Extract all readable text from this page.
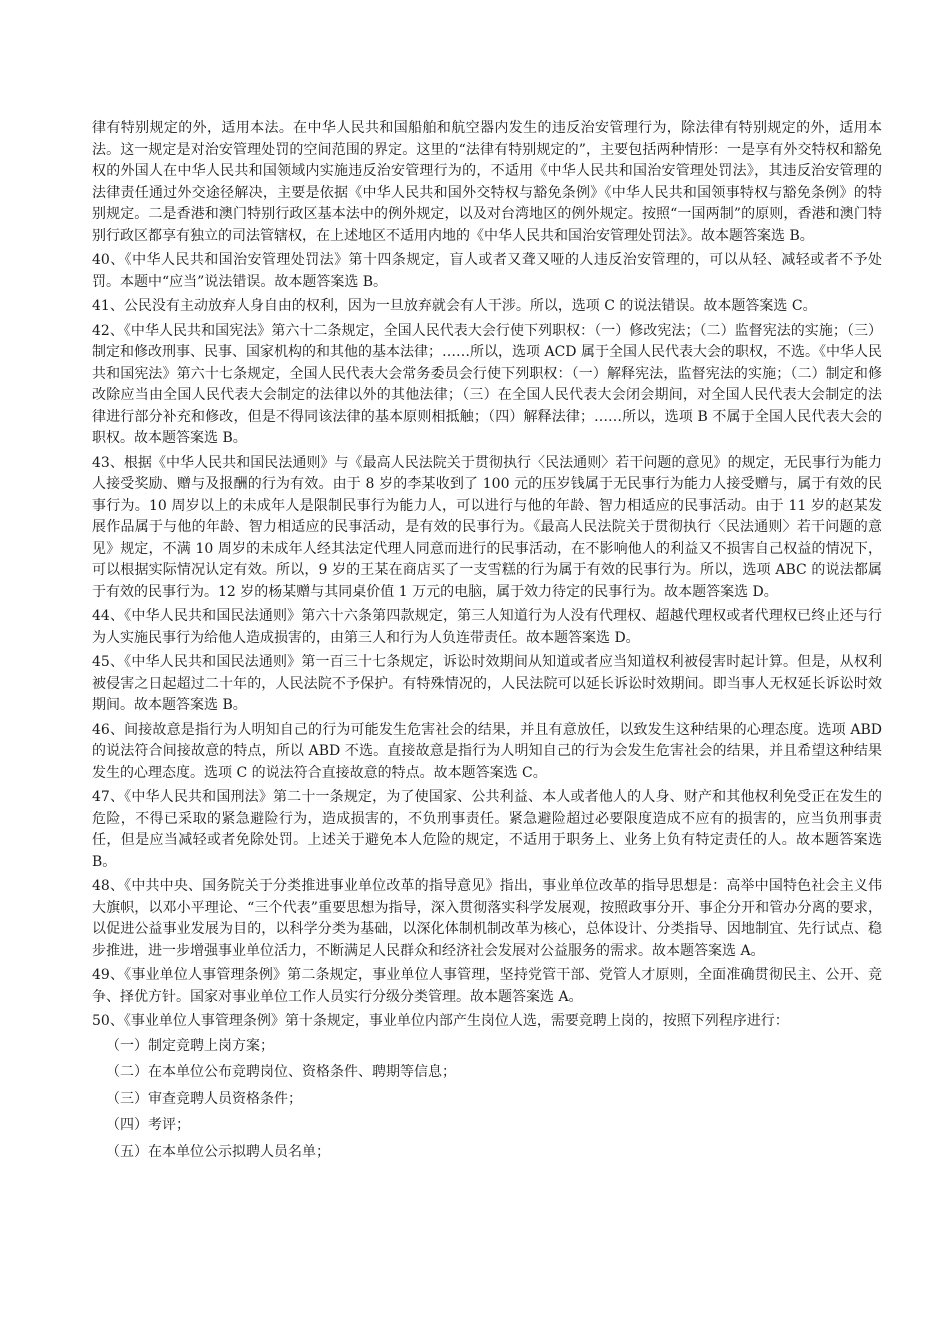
律有特别规定的外，适用本法。在中华人民共和国船舶和航空器内发生的违反治安管理行为，除法律有特别规定的外，适用本法。这一规定是对治安管理处罚的空间范围的界定。这里的“法律有特别规定的”，主要包括两种情形：一是享有外交特权和豁免权的外国人在中华人民共和国领域内实施违反治安管理行为的，不适用《中华人民共和国治安管理处罚法》，其违反治安管理的法律责任通过外交途径解决，主要是依据《中华人民共和国外交特权与豁免条例》《中华人民共和国领事特权与豁免条例》的特别规定。二是香港和澳门特别行政区基本法中的例外规定，以及对台湾地区的例外规定。按照“一国两制”的原则，香港和澳门特别行政区都享有独立的司法管辖权，在上述地区不适用内地的《中华人民共和国治安管理处罚法》。故本题答案选 B。

40、《中华人民共和国治安管理处罚法》第十四条规定，盲人或者又聋又哑的人违反治安管理的，可以从轻、减轻或者不予处罚。本题中“应当”说法错误。故本题答案选 B。

41、公民没有主动放弃人身自由的权利，因为一旦放弃就会有人干涉。所以，选项 C 的说法错误。故本题答案选 C。

42、《中华人民共和国宪法》第六十二条规定，全国人民代表大会行使下列职权：（一）修改宪法；（二）监督宪法的实施；（三）制定和修改刑事、民事、国家机构的和其他的基本法律；……所以，选项 ACD 属于全国人民代表大会的职权，不选。《中华人民共和国宪法》第六十七条规定，全国人民代表大会常务委员会行使下列职权：（一）解释宪法，监督宪法的实施；（二）制定和修改除应当由全国人民代表大会制定的法律以外的其他法律；（三）在全国人民代表大会闭会期间，对全国人民代表大会制定的法律进行部分补充和修改，但是不得同该法律的基本原则相抵触；（四）解释法律；……所以，选项 B 不属于全国人民代表大会的职权。故本题答案选 B。

43、根据《中华人民共和国民法通则》与《最高人民法院关于贯彻执行〈民法通则〉若干问题的意见》的规定，无民事行为能力人接受奖励、赠与及报酬的行为有效。由于 8 岁的李某收到了 100 元的压岁钱属于无民事行为能力人接受赠与，属于有效的民事行为。10 周岁以上的未成年人是限制民事行为能力人，可以进行与他的年龄、智力相适应的民事活动。由于 11 岁的赵某发展作品属于与他的年龄、智力相适应的民事活动，是有效的民事行为。《最高人民法院关于贯彻执行〈民法通则〉若干问题的意见》规定，不满 10 周岁的未成年人经其法定代理人同意而进行的民事活动，在不影响他人的利益又不损害自己权益的情况下，可以根据实际情况认定有效。所以，9 岁的王某在商店买了一支雪糕的行为属于有效的民事行为。所以，选项 ABC 的说法都属于有效的民事行为。12 岁的杨某赠与其同桌价值 1 万元的电脑，属于效力待定的民事行为。故本题答案选 D。

44、《中华人民共和国民法通则》第六十六条第四款规定，第三人知道行为人没有代理权、超越代理权或者代理权已终止还与行为人实施民事行为给他人造成损害的，由第三人和行为人负连带责任。故本题答案选 D。

45、《中华人民共和国民法通则》第一百三十七条规定，诉讼时效期间从知道或者应当知道权利被侵害时起计算。但是，从权利被侵害之日起超过二十年的，人民法院不予保护。有特殊情况的，人民法院可以延长诉讼时效期间。即当事人无权延长诉讼时效期间。故本题答案选 B。

46、间接故意是指行为人明知自己的行为可能发生危害社会的结果，并且有意放任，以致发生这种结果的心理态度。选项 ABD 的说法符合间接故意的特点，所以 ABD 不选。直接故意是指行为人明知自己的行为会发生危害社会的结果，并且希望这种结果发生的心理态度。选项 C 的说法符合直接故意的特点。故本题答案选 C。

47、《中华人民共和国刑法》第二十一条规定，为了使国家、公共利益、本人或者他人的人身、财产和其他权利免受正在发生的危险，不得已采取的紧急避险行为，造成损害的，不负刑事责任。紧急避险超过必要限度造成不应有的损害的，应当负刑事责任，但是应当减轻或者免除处罚。上述关于避免本人危险的规定，不适用于职务上、业务上负有特定责任的人。故本题答案选 B。

48、《中共中央、国务院关于分类推进事业单位改革的指导意见》指出，事业单位改革的指导思想是：高举中国特色社会主义伟大旗帜，以邓小平理论、“三个代表”重要思想为指导，深入贯彻落实科学发展观，按照政事分开、事企分开和管办分离的要求，以促进公益事业发展为目的，以科学分类为基础，以深化体制机制改革为核心，总体设计、分类指导、因地制宜、先行试点、稳步推进，进一步增强事业单位活力，不断满足人民群众和经济社会发展对公益服务的需求。故本题答案选 A。

49、《事业单位人事管理条例》第二条规定，事业单位人事管理，坚持党管干部、党管人才原则，全面准确贯彻民主、公开、竞争、择优方针。国家对事业单位工作人员实行分级分类管理。故本题答案选 A。

50、《事业单位人事管理条例》第十条规定，事业单位内部产生岗位人选，需要竞聘上岗的，按照下列程序进行：

（一）制定竞聘上岗方案；

（二）在本单位公布竞聘岗位、资格条件、聘期等信息；

（三）审查竞聘人员资格条件；

（四）考评；

（五）在本单位公示拟聘人员名单；
